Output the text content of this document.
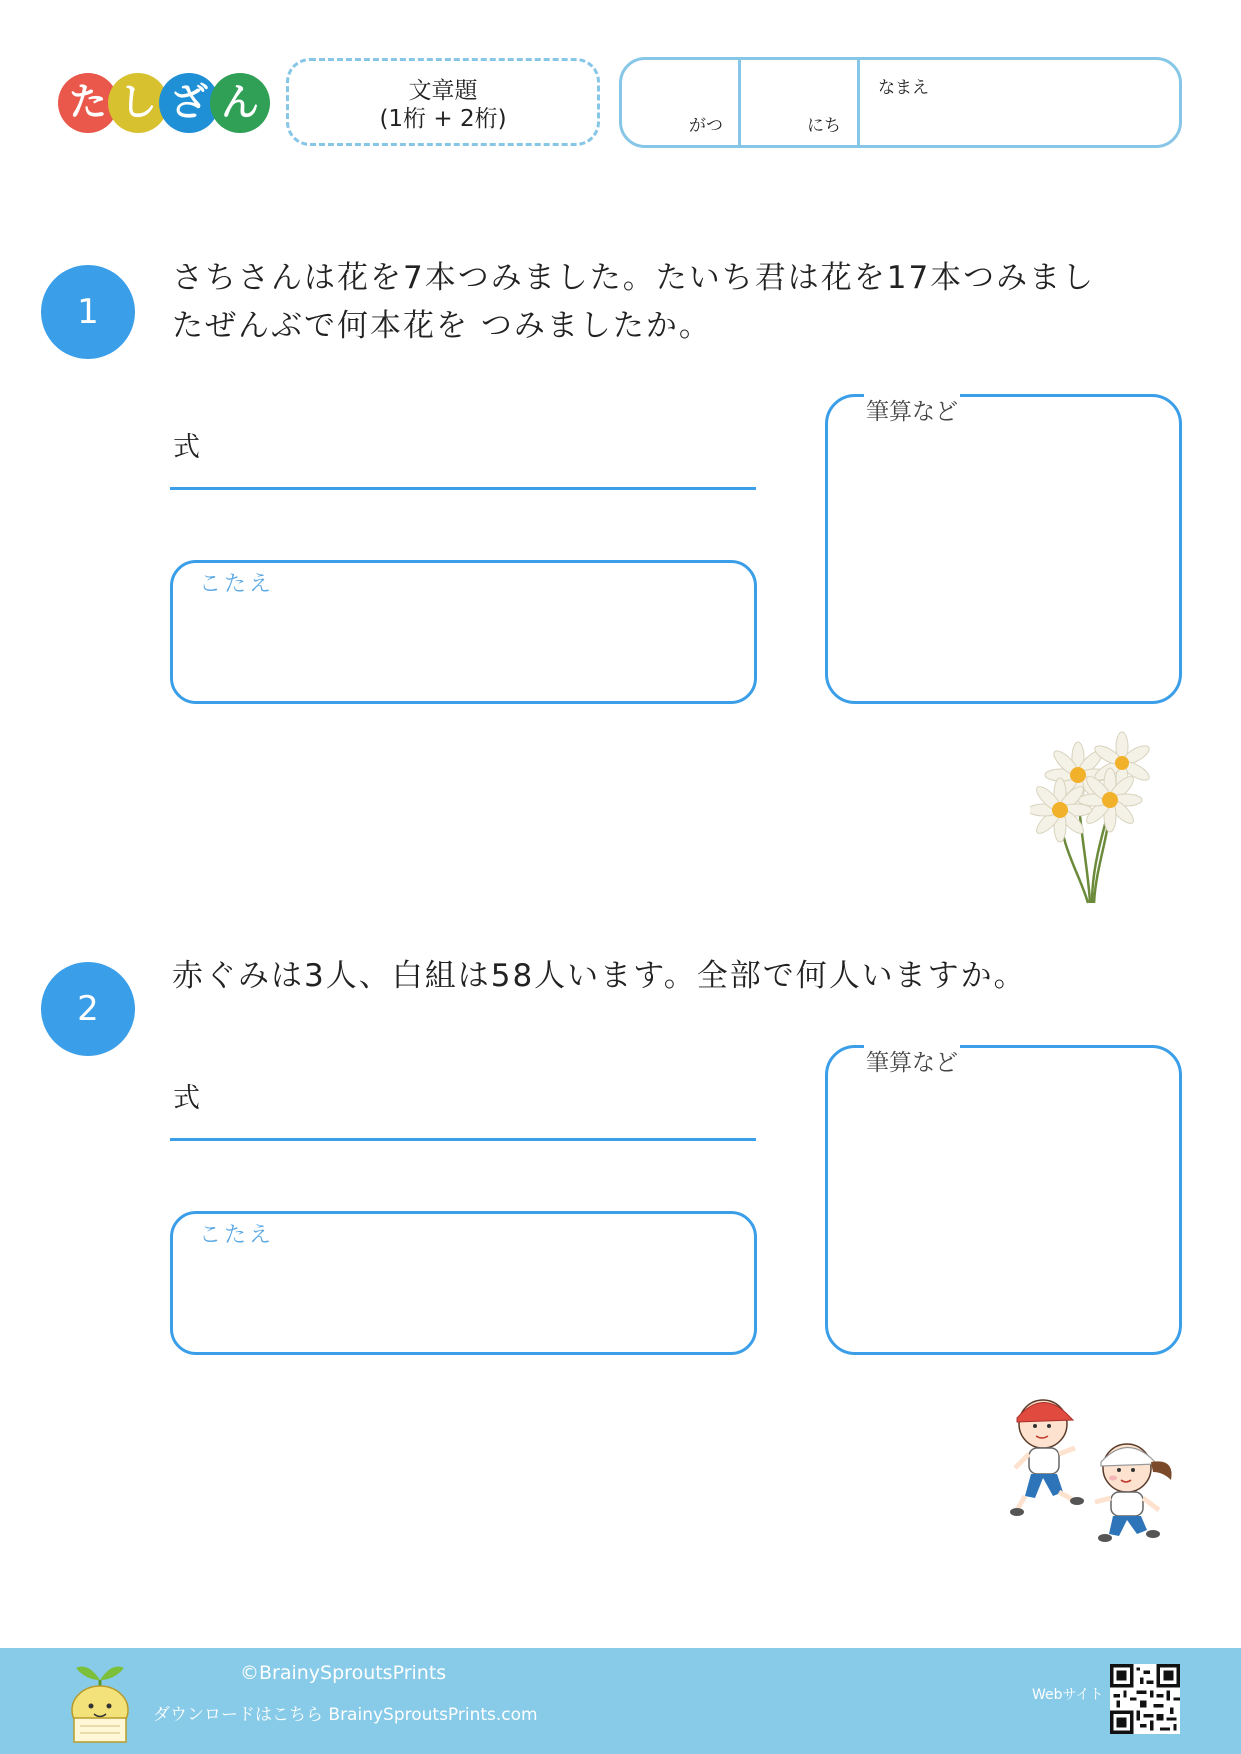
た し ざ ん	文章題
(1桁 + 2桁)	がつ	にち
なまえ
1
さちさんは花を7本つみました。たいち君は花を17本つみまし
たぜんぶで何本花を つみましたか。
式
こたえ
筆算など
2
赤ぐみは3人、白組は58人います。全部で何人いますか。
式
こたえ
筆算など
©BrainySproutsPrints
ダウンロードはこちら BrainySproutsPrints.com
Webサイト
